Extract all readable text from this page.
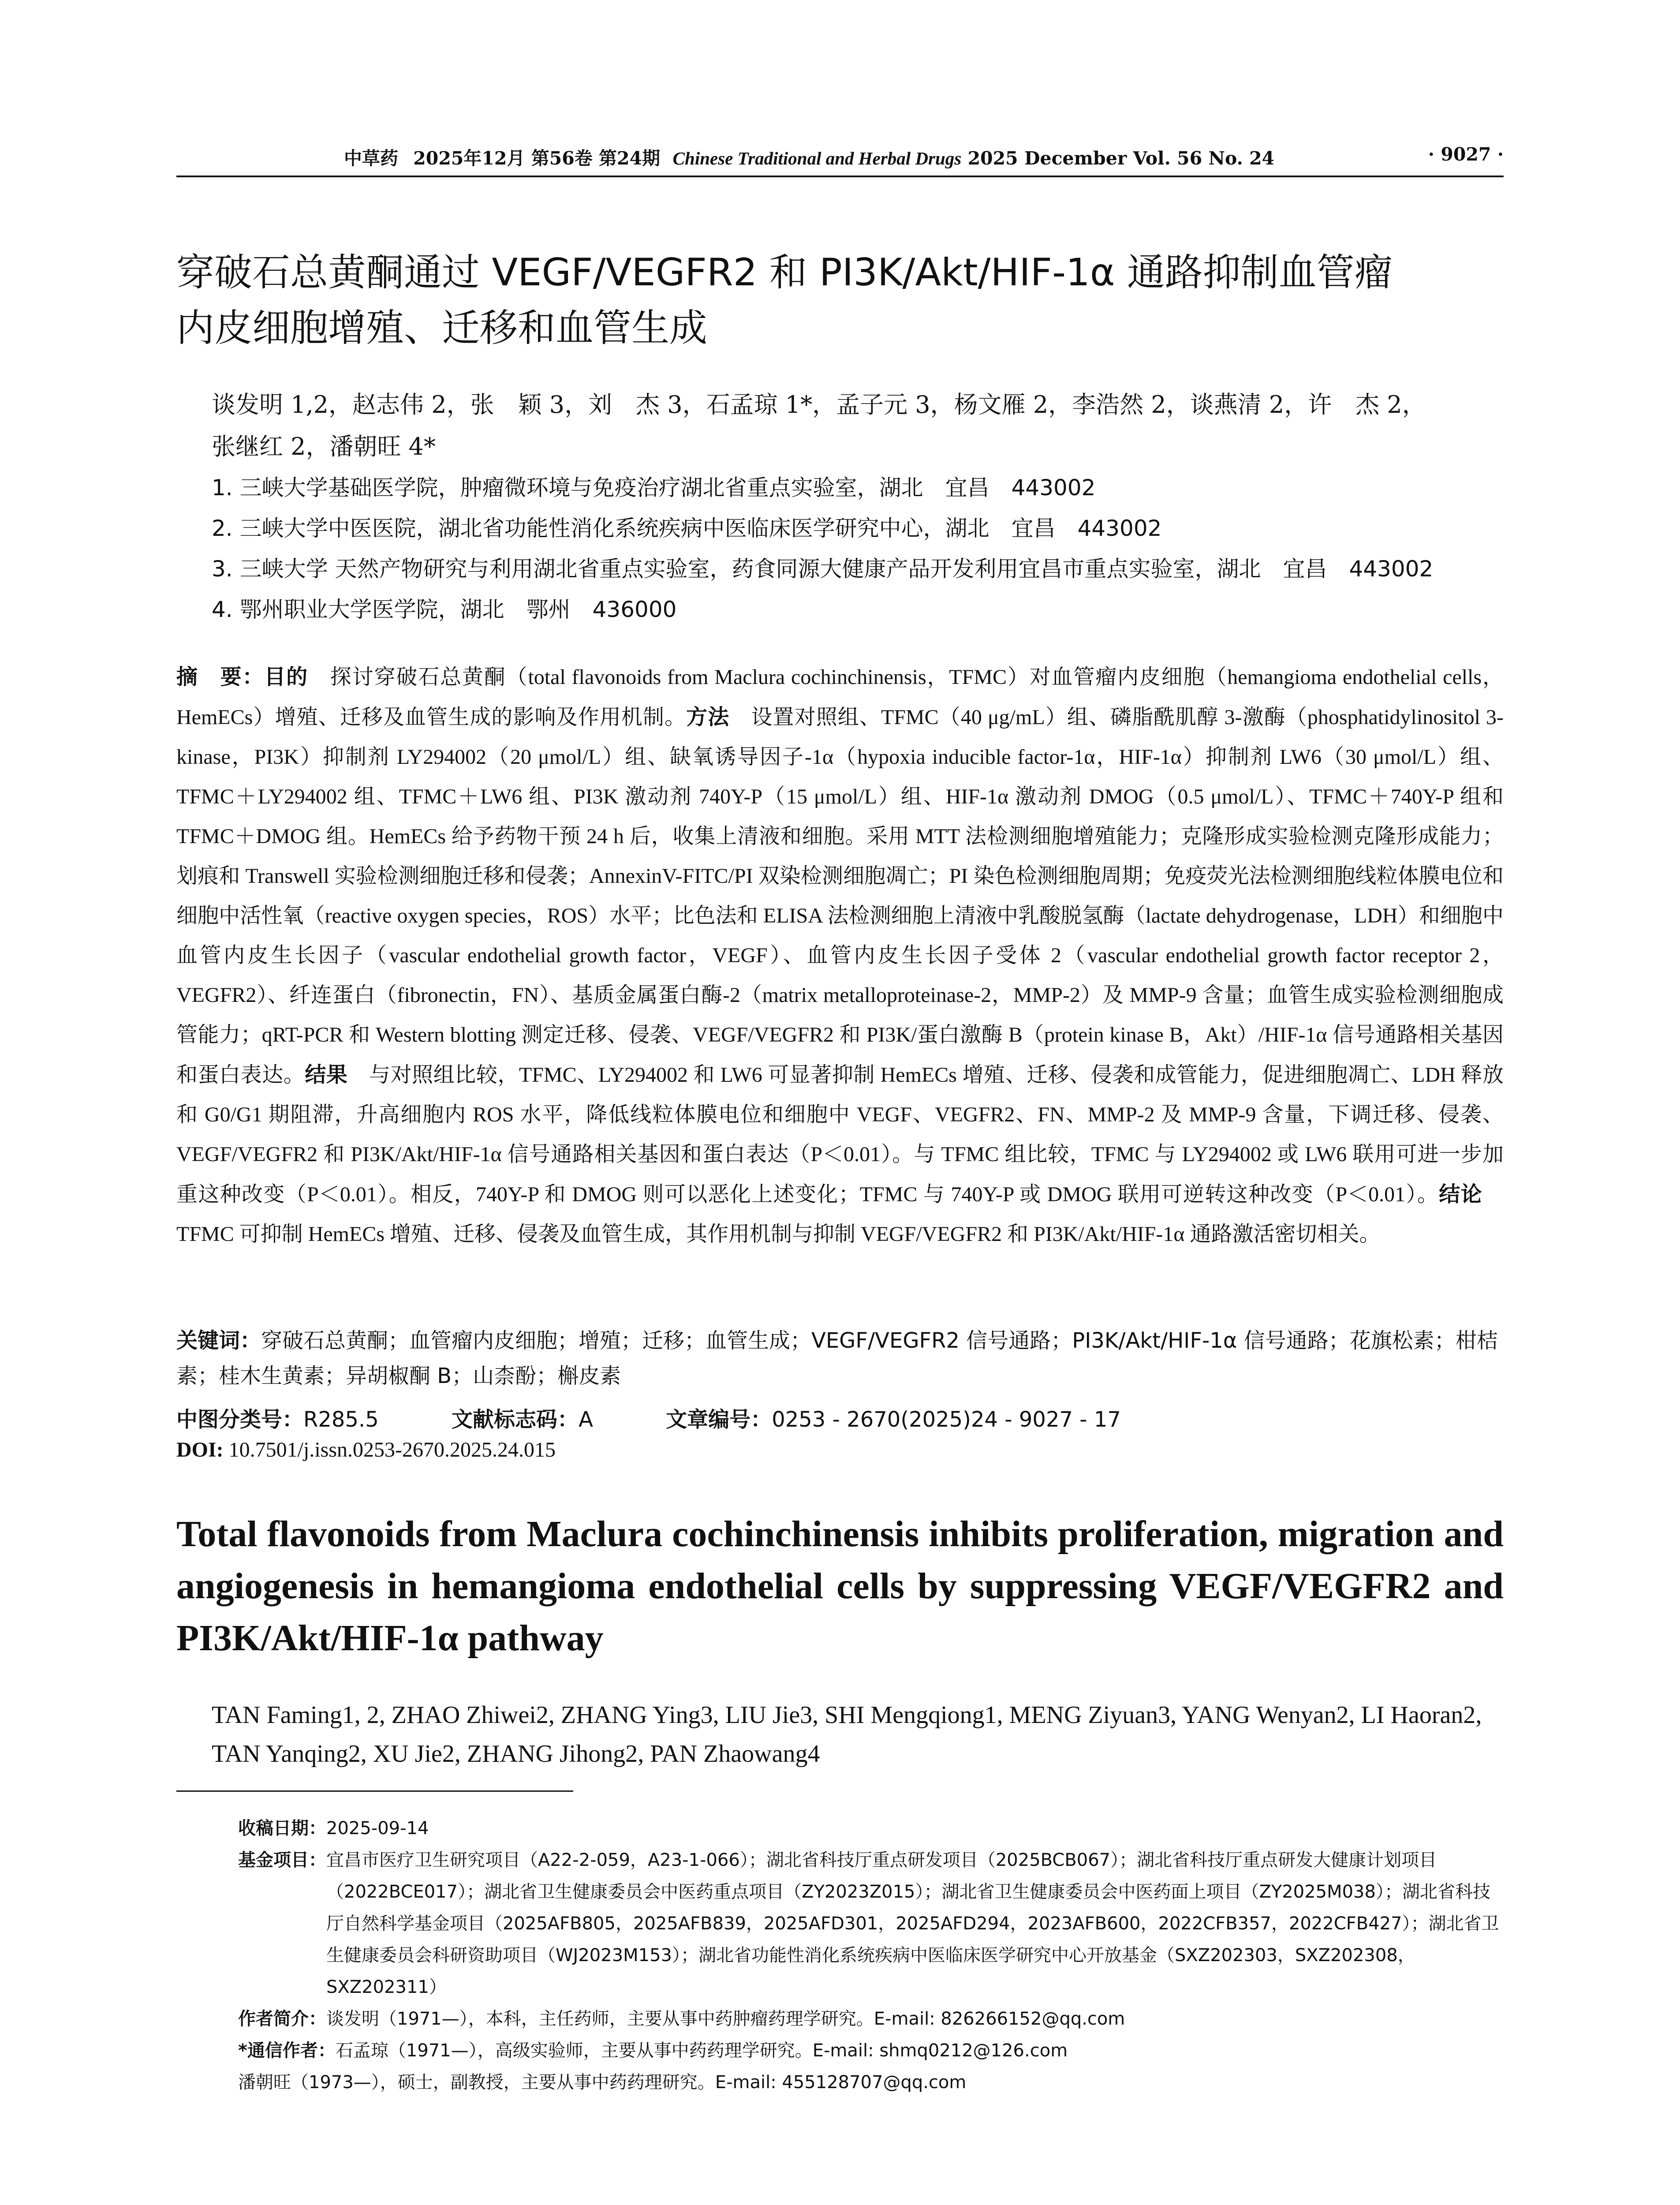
中草药 2025年12月 第56卷 第24期 Chinese Traditional and Herbal Drugs 2025 December Vol. 56 No. 24	· 9027 ·
穿破石总黄酮通过 VEGF/VEGFR2 和 PI3K/Akt/HIF-1α 通路抑制血管瘤
内皮细胞增殖、迁移和血管生成
谈发明 1,2，赵志伟 2，张　颖 3，刘　杰 3，石孟琼 1*，孟子元 3，杨文雁 2，李浩然 2，谈燕清 2，许　杰 2，
张继红 2，潘朝旺 4*
1. 三峡大学基础医学院，肿瘤微环境与免疫治疗湖北省重点实验室，湖北　宜昌　443002
2. 三峡大学中医医院，湖北省功能性消化系统疾病中医临床医学研究中心，湖北　宜昌　443002
3. 三峡大学 天然产物研究与利用湖北省重点实验室，药食同源大健康产品开发利用宜昌市重点实验室，湖北　宜昌　443002
4. 鄂州职业大学医学院，湖北　鄂州　436000
摘　要：目的　探讨穿破石总黄酮（total flavonoids from Maclura cochinchinensis，TFMC）对血管瘤内皮细胞（hemangioma endothelial cells，HemECs）增殖、迁移及血管生成的影响及作用机制。方法　设置对照组、TFMC（40 μg/mL）组、磷脂酰肌醇 3-激酶（phosphatidylinositol 3-kinase，PI3K）抑制剂 LY294002（20 μmol/L）组、缺氧诱导因子-1α（hypoxia inducible factor-1α，HIF-1α）抑制剂 LW6（30 μmol/L）组、TFMC＋LY294002 组、TFMC＋LW6 组、PI3K 激动剂 740Y-P（15 μmol/L）组、HIF-1α 激动剂 DMOG（0.5 μmol/L）、TFMC＋740Y-P 组和 TFMC＋DMOG 组。HemECs 给予药物干预 24 h 后，收集上清液和细胞。采用 MTT 法检测细胞增殖能力；克隆形成实验检测克隆形成能力；划痕和 Transwell 实验检测细胞迁移和侵袭；AnnexinV-FITC/PI 双染检测细胞凋亡；PI 染色检测细胞周期；免疫荧光法检测细胞线粒体膜电位和细胞中活性氧（reactive oxygen species，ROS）水平；比色法和 ELISA 法检测细胞上清液中乳酸脱氢酶（lactate dehydrogenase，LDH）和细胞中血管内皮生长因子（vascular endothelial growth factor，VEGF）、血管内皮生长因子受体 2（vascular endothelial growth factor receptor 2，VEGFR2）、纤连蛋白（fibronectin，FN）、基质金属蛋白酶-2（matrix metalloproteinase-2，MMP-2）及 MMP-9 含量；血管生成实验检测细胞成管能力；qRT-PCR 和 Western blotting 测定迁移、侵袭、VEGF/VEGFR2 和 PI3K/蛋白激酶 B（protein kinase B，Akt）/HIF-1α 信号通路相关基因和蛋白表达。结果　与对照组比较，TFMC、LY294002 和 LW6 可显著抑制 HemECs 增殖、迁移、侵袭和成管能力，促进细胞凋亡、LDH 释放和 G0/G1 期阻滞，升高细胞内 ROS 水平，降低线粒体膜电位和细胞中 VEGF、VEGFR2、FN、MMP-2 及 MMP-9 含量，下调迁移、侵袭、VEGF/VEGFR2 和 PI3K/Akt/HIF-1α 信号通路相关基因和蛋白表达（P＜0.01）。与 TFMC 组比较，TFMC 与 LY294002 或 LW6 联用可进一步加重这种改变（P＜0.01）。相反，740Y-P 和 DMOG 则可以恶化上述变化；TFMC 与 740Y-P 或 DMOG 联用可逆转这种改变（P＜0.01）。结论　TFMC 可抑制 HemECs 增殖、迁移、侵袭及血管生成，其作用机制与抑制 VEGF/VEGFR2 和 PI3K/Akt/HIF-1α 通路激活密切相关。
关键词：穿破石总黄酮；血管瘤内皮细胞；增殖；迁移；血管生成；VEGF/VEGFR2 信号通路；PI3K/Akt/HIF-1α 信号通路；花旗松素；柑桔素；桂木生黄素；异胡椒酮 B；山柰酚；槲皮素
中图分类号：R285.5	文献标志码：A	文章编号：0253 - 2670(2025)24 - 9027 - 17
DOI: 10.7501/j.issn.0253-2670.2025.24.015
Total flavonoids from Maclura cochinchinensis inhibits proliferation, migration and angiogenesis in hemangioma endothelial cells by suppressing VEGF/VEGFR2 and PI3K/Akt/HIF-1α pathway
TAN Faming1, 2, ZHAO Zhiwei2, ZHANG Ying3, LIU Jie3, SHI Mengqiong1, MENG Ziyuan3, YANG Wenyan2, LI Haoran2, TAN Yanqing2, XU Jie2, ZHANG Jihong2, PAN Zhaowang4
收稿日期： 2025-09-14
基金项目： 宜昌市医疗卫生研究项目（A22-2-059，A23-1-066）；湖北省科技厅重点研发项目（2025BCB067）；湖北省科技厅重点研发大健康计划项目（2022BCE017）；湖北省卫生健康委员会中医药重点项目（ZY2023Z015）；湖北省卫生健康委员会中医药面上项目（ZY2025M038）；湖北省科技厅自然科学基金项目（2025AFB805，2025AFB839，2025AFD301，2025AFD294，2023AFB600，2022CFB357，2022CFB427）；湖北省卫生健康委员会科研资助项目（WJ2023M153）；湖北省功能性消化系统疾病中医临床医学研究中心开放基金（SXZ202303，SXZ202308，SXZ202311）
作者简介： 谈发明（1971—），本科，主任药师，主要从事中药肿瘤药理学研究。E-mail: 826266152@qq.com
*通信作者： 石孟琼（1971—），高级实验师，主要从事中药药理学研究。E-mail: shmq0212@126.com
潘朝旺（1973—），硕士，副教授，主要从事中药药理研究。E-mail: 455128707@qq.com
